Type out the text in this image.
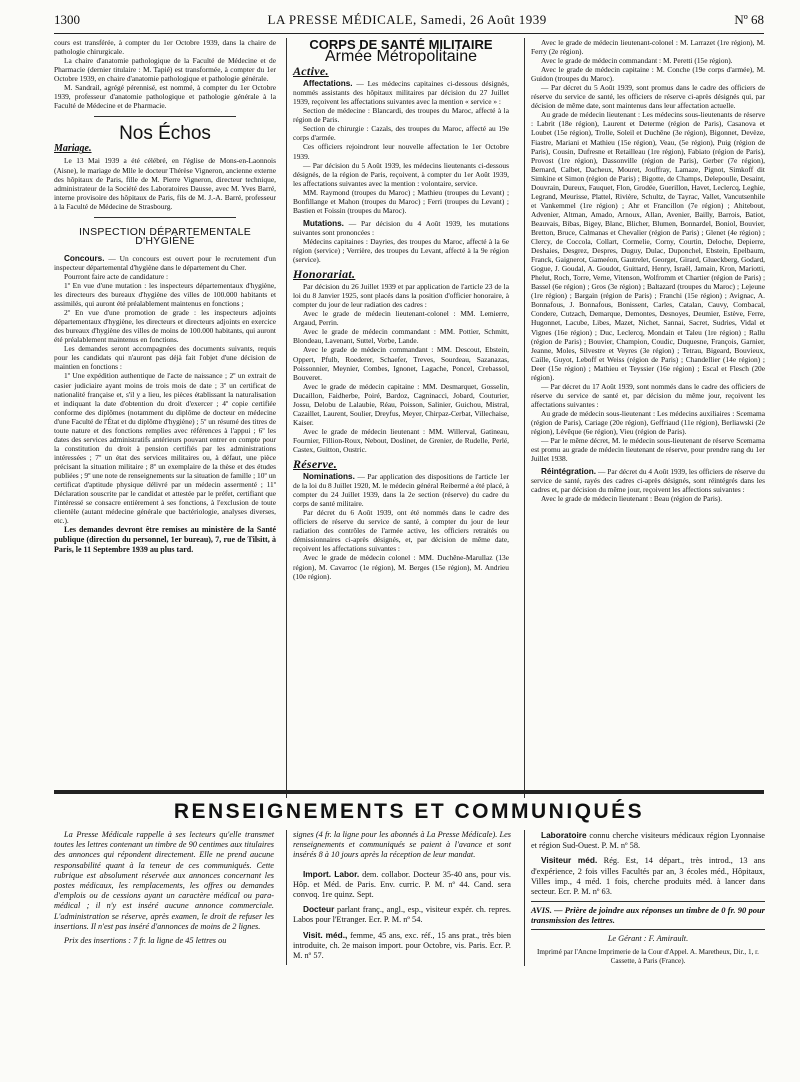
1300	LA PRESSE MÉDICALE, Samedi, 26 Août 1939	Nº 68

cours est transférée, à compter du 1er Octobre 1939, dans la chaire de pathologie chirurgicale.

La chaire d'anatomie pathologique de la Faculté de Médecine et de Pharmacie (dernier titulaire : M. Tapié) est transformée, à compter du 1er Octobre 1939, en chaire d'anatomie pathologique et pathologie générale.

M. Sandrail, agrégé pérennisé, est nommé, à compter du 1er Octobre 1939, professeur d'anatomie pathologique et pathologie générale à la Faculté de Médecine et de Pharmacie.

Nos Échos
Mariage.

Le 13 Mai 1939 a été célébré, en l'église de Mons-en-Laonnois (Aisne), le mariage de Mlle le docteur Thérèse Vigneron, ancienne externe des hôpitaux de Paris, fille de M. Pierre Vigneron, directeur technique, administrateur de la Société des Laboratoires Dausse, avec M. Yves Barré, interne provisoire des hôpitaux de Paris, fils de M. J.-A. Barré, professeur à la Faculté de Médecine de Strasbourg.

INSPECTION DÉPARTEMENTALE D'HYGIÈNE

Concours. — Un concours est ouvert pour le recrutement d'un inspecteur départemental d'hygiène dans le département du Cher.

Pourront faire acte de candidature :

1º En vue d'une mutation : les inspecteurs départementaux d'hygiène, les directeurs des bureaux d'hygiène des villes de 100.000 habitants et assimilés, qui auront été préalablement maintenus en fonctions ;

2º En vue d'une promotion de grade : les inspecteurs adjoints départementaux d'hygiène, les directeurs et directeurs adjoints en exercice des bureaux d'hygiène des villes de moins de 100.000 habitants, qui auront été préalablement maintenus en fonctions.

Les demandes seront accompagnées des documents suivants, requis pour les candidats qui n'auront pas déjà fait l'objet d'une décision de maintien en fonctions :

1º Une expédition authentique de l'acte de naissance ; 2º un extrait de casier judiciaire ayant moins de trois mois de date ; 3º un certificat de nationalité française et, s'il y a lieu, les pièces établissant la naturalisation et indiquant la date d'obtention du droit d'exercer ; 4º copie certifiée conforme des diplômes (notamment du diplôme de docteur en médecine d'une Faculté de l'État et du diplôme d'hygiène) ; 5º un résumé des titres de toute nature et des fonctions remplies avec références à l'appui ; 6º les dates des services administratifs antérieurs pouvant entrer en compte pour la constitution du droit à pension certifiés par les administrations intéressées ; 7º un état des services militaires ou, à défaut, une pièce précisant la situation militaire ; 8º un exemplaire de la thèse et des études publiées ; 9º une note de renseignements sur la situation de famille ; 10º un certificat d'aptitude physique délivré par un médecin assermenté ; 11º Déclaration souscrite par le candidat et attestée par le préfet, certifiant que l'intéressé se consacre entièrement à ses fonctions, à l'exclusion de toute clientèle (autant médecine générale que bactériologie, analyses diverses, etc.).

Les demandes devront être remises au ministère de la Santé publique (direction du personnel, 1er bureau), 7, rue de Tilsitt, à Paris, le 11 Septembre 1939 au plus tard.

CORPS DE SANTÉ MILITAIRE
Armée Métropolitaine
Active.

Affectations. — Les médecins capitaines ci-dessous désignés, nommés assistants des hôpitaux militaires par décision du 27 Juillet 1939, reçoivent les affectations suivantes avec la mention « service » :

Section de médecine : Blancardi, des troupes du Maroc, affecté à la région de Paris.

Section de chirurgie : Cazals, des troupes du Maroc, affecté au 19e corps d'armée.

Ces officiers rejoindront leur nouvelle affectation le 1er Octobre 1939.

— Par décision du 5 Août 1939, les médecins lieutenants ci-dessous désignés, de la région de Paris, reçoivent, à compter du 1er Août 1939, les affectations suivantes avec la mention : volontaire, service.

MM. Raymond (troupes du Maroc) ; Mathieu (troupes du Levant) ; Bonfillange et Mahon (troupes du Maroc) ; Ferri (troupes du Levant) ; Bastien et Foissin (troupes du Maroc).

Mutations. — Par décision du 4 Août 1939, les mutations suivantes sont prononcées :

Médecins capitaines : Dayries, des troupes du Maroc, affecté à la 6e région (service) ; Verrière, des troupes du Levant, affecté à la 9e région (service).

Honorariat.

Par décision du 26 Juillet 1939 et par application de l'article 23 de la loi du 8 Janvier 1925, sont placés dans la position d'officier honoraire, à compter du jour de leur radiation des cadres :

Avec le grade de médecin lieutenant-colonel : MM. Lemierre, Argaud, Perrin.

Avec le grade de médecin commandant : MM. Pottier, Schmitt, Blondeau, Lavenant, Suttel, Vorbe, Lande.

Avec le grade de médecin commandant : MM. Descout, Ebstein, Oppert, Pfulb, Roederer, Schaefer, Treves, Sourdeau, Sazanazas, Poissonnier, Meynier, Combes, Ignonet, Lagache, Poncel, Crebassol, Bouveret.

Avec le grade de médecin capitaine : MM. Desmarquet, Gosselin, Ducaillon, Faidherbe, Poiré, Bardoz, Cagninacci, Jobard, Couturier, Jossu, Delobu de Lalaubie, Réau, Poisson, Salinier, Guichou, Mistral, Cazaillet, Laurent, Soulier, Dreyfus, Meyer, Chirpaz-Cerbat, Villechaise, Kaiser.

Avec le grade de médecin lieutenant : MM. Willerval, Gatineau, Fournier, Fillion-Roux, Nebout, Doslinet, de Grenier, de Rudelle, Perlé, Castex, Guitton, Oustric.

Réserve.

Nominations. — Par application des dispositions de l'article 1er de la loi du 8 Juillet 1920, M. le médecin général Reibermé a été placé, à compter du 24 Juillet 1939, dans la 2e section (réserve) du cadre du corps de santé militaire.

Par décret du 6 Août 1939, ont été nommés dans le cadre des officiers de réserve du service de santé, à compter du jour de leur radiation des contrôles de l'armée active, les officiers retraités ou démissionnaires ci-après désignés, et, par décision de même date, reçoivent les affectations suivantes :

Avec le grade de médecin colonel : MM. Duchêne-Marullaz (13e région), M. Cavarroc (1e région), M. Berges (15e région), M. Andrieu (10e région).

Avec le grade de médecin lieutenant-colonel : M. Larrazet (1re région), M. Ferry (2e région).

Avec le grade de médecin commandant : M. Peretti (15e région).

Avec le grade de médecin capitaine : M. Conche (19e corps d'armée), M. Guidon (troupes du Maroc).

— Par décret du 5 Août 1939, sont promus dans le cadre des officiers de réserve du service de santé, les officiers de réserve ci-après désignés qui, par décision de même date, sont maintenus dans leur affectation actuelle.

Au grade de médecin lieutenant : Les médecins sous-lieutenants de réserve : Labrit (18e région), Laurent et Determe (région de Paris), Casanova et Loubet (15e région), Trolle, Soleil et Duchêne (3e région), Bigonnet, Devèze, Fiastre, Mariani et Mathieu (15e région), Veau, (5e région), Puig (région de Paris), Cousin, Dufresne et Retailleau (1re région), Fabiato (région de Paris), Provost (1re région), Dassonville (région de Paris), Gerber (7e région), Bernard, Calbet, Dacheux, Mouret, Jouffray, Lamaze, Pignot, Simkoff dit Simkine et Simon (région de Paris) ; Bigotte, de Champs, Delepoulle, Desaint, Douvrain, Dureux, Fauquet, Flon, Grodée, Guerillon, Havet, Leclercq, Leghie, Legrand, Meurisse, Plattel, Rivière, Schultz, de Tayrac, Vallet, Vancutsenhile et Vankemmel (1re région) ; Ahr et Francillon (7e région) ; Ahitebout, Advenier, Altman, Amado, Arnoux, Allan, Avenier, Bailly, Barrois, Batiot, Beauvais, Bibas, Bigey, Blanc, Blicher, Blumen, Bonnardel, Boniol, Bouvier, Bretton, Bruce, Calmanas et Chevalier (région de Paris) ; Glenet (4e région) ; Clercy, de Coccola, Collart, Cormelie, Corny, Courtin, Deloche, Depierre, Deshaies, Desgrez, Despres, Duguy, Dulac, Duponchel, Ebstein, Epelbaum, Franck, Gaignerot, Gameéon, Gautrelet, Georget, Girard, Glueckberg, Godard, Gogue, J. Goudal, A. Goudot, Guittard, Henry, Israël, Jamain, Kron, Mariotti, Phelut, Roch, Torre, Verne, Vitenson, Wolfromm et Chartier (région de Paris) ; Bassel (6e région) ; Gros (3e région) ; Baltazard (troupes du Maroc) ; Lejeune (1re région) ; Bargain (région de Paris) ; Franchi (15e région) ; Avignac, A. Bonnafous, J. Bonnafous, Bonissent, Carles, Catalan, Cauvy, Combacal, Condere, Cutzach, Demarque, Demontes, Desnoyes, Deumier, Estève, Ferre, Hugonnet, Lacube, Libes, Mazet, Nichet, Sannai, Sacret, Sudries, Vidal et Vignes (16e région) ; Duc, Leclercq, Mondain et Taleu (1re région) ; Rallu (région de Paris) ; Bouvier, Champion, Coudic, Duquesne, François, Garnier, Jeanne, Moles, Silvestre et Veyres (3e région) ; Tetrau, Bigeard, Bouvieux, Caille, Guyot, Leboff et Weiss (région de Paris) ; Chandellier (14e région) ; Deer (15e région) ; Mathieu et Teyssier (16e région) ; Escal et Flesch (20e région).

— Par décret du 17 Août 1939, sont nommés dans le cadre des officiers de réserve du service de santé et, par décision du même jour, reçoivent les affectations suivantes :

Au grade de médecin sous-lieutenant : Les médecins auxiliaires : Scemama (région de Paris), Cariage (20e région), Geffriaud (11e région), Berliawski (2e région), Lévêque (6e région), Vieu (région de Paris).

— Par le même décret, M. le médecin sous-lieutenant de réserve Scemama est promu au grade de médecin lieutenant de réserve, pour prendre rang du 1er Juillet 1938.

Réintégration. — Par décret du 4 Août 1939, les officiers de réserve du service de santé, rayés des cadres ci-après désignés, sont réintégrés dans les cadres et, par décision du même jour, reçoivent les affections suivantes :

Avec le grade de médecin lieutenant : Beau (région de Paris).

RENSEIGNEMENTS ET COMMUNIQUÉS

La Presse Médicale rappelle à ses lecteurs qu'elle transmet toutes les lettres contenant un timbre de 90 centimes aux titulaires des annonces qui répondent directement. Elle ne prend aucune responsabilité quant à la teneur de ces communiqués. Cette rubrique est absolument réservée aux annonces concernant les postes médicaux, les remplacements, les offres ou demandes d'emplois ou de cessions ayant un caractère médical ou para-médical ; il n'y est inséré aucune annonce commerciale. L'administration se réserve, après examen, le droit de refuser les insertions. Il n'est pas inséré d'annonces de moins de 2 lignes.

Prix des insertions : 7 fr. la ligne de 45 lettres ou

signes (4 fr. la ligne pour les abonnés à La Presse Médicale). Les renseignements et communiqués se paient à l'avance et sont insérés 8 à 10 jours après la réception de leur mandat.

Import. Labor. dem. collabor. Docteur 35-40 ans, pour vis. Hôp. et Méd. de Paris. Env. curric. P. M. nº 44. Cand. sera convoq. 1re quinz. Sept.

Docteur parlant franç., angl., esp., visiteur expér. ch. repres. Labos pour l'Etranger. Ecr. P. M. nº 54.

Visit. méd., femme, 45 ans, exc. réf., 15 ans prat., très bien introduite, ch. 2e maison import. pour Octobre, vis. Paris. Ecr. P. M. nº 57.

Laboratoire connu cherche visiteurs médicaux région Lyonnaise et région Sud-Ouest. P. M. nº 58.

Visiteur méd. Rég. Est, 14 départ., très introd., 13 ans d'expérience, 2 fois villes Facultés par an, 3 écoles méd., Hôpitaux, Villes imp., 4 méd. 1 fois, cherche produits méd. à lancer dans secteur. Ecr. P. M. nº 63.

AVIS. — Prière de joindre aux réponses un timbre de 0 fr. 90 pour transmission des lettres.
Le Gérant : F. Amirault.
Imprimé par l'Ancne Imprimerie de la Cour d'Appel. A. Maretheux, Dir., 1, r. Cassette, à Paris (France).
